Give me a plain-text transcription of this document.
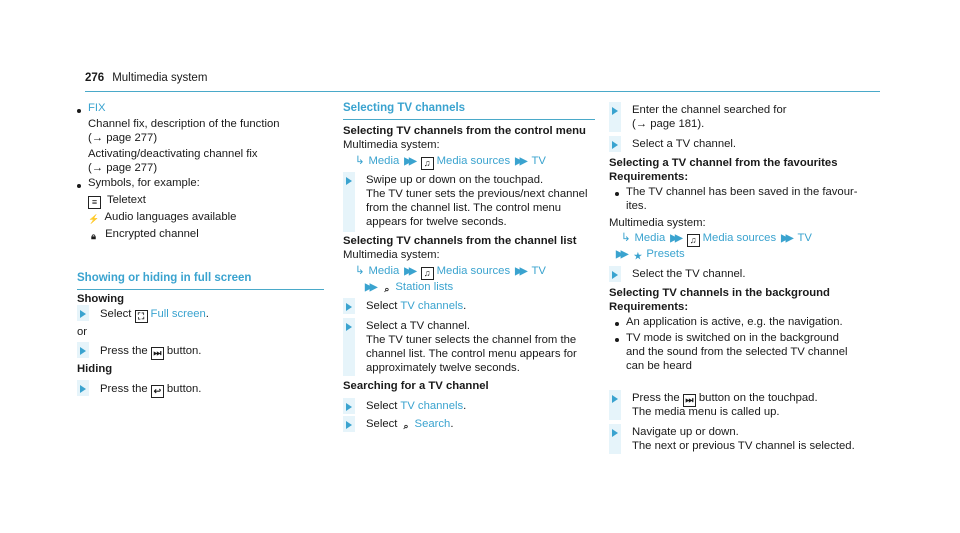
276 Multimedia system
FIX
Channel fix, description of the function
(→ page 277)
Activating/deactivating channel fix
(→ page 277)
Symbols, for example:
≡ Teletext
⚡ Audio languages available
🔒︎ Encrypted channel
Showing or hiding in full screen
Showing
Select ⛶ Full screen.
or
Press the ⏭ button.
Hiding
Press the ↩ button.
Selecting TV channels
Selecting TV channels from the control menu
Multimedia system:
↳ Media ▶▶ ♫ Media sources ▶▶ TV
Swipe up or down on the touchpad.
The TV tuner sets the previous/next channel
from the channel list. The control menu
appears for twelve seconds.
Selecting TV channels from the channel list
Multimedia system:
↳ Media ▶▶ ♫ Media sources ▶▶ TV
▶▶ ⌕ Station lists
Select TV channels.
Select a TV channel.
The TV tuner selects the channel from the
channel list. The control menu appears for
approximately twelve seconds.
Searching for a TV channel
Select TV channels.
Select ⌕ Search.
Enter the channel searched for
(→ page 181).
Select a TV channel.
Selecting a TV channel from the favourites
Requirements:
The TV channel has been saved in the favour-
ites.
Multimedia system:
↳ Media ▶▶ ♫ Media sources ▶▶ TV
▶▶ ★ Presets
Select the TV channel.
Selecting TV channels in the background
Requirements:
An application is active, e.g. the navigation.
TV mode is switched on in the background
and the sound from the selected TV channel
can be heard
Press the ⏭ button on the touchpad.
The media menu is called up.
Navigate up or down.
The next or previous TV channel is selected.
